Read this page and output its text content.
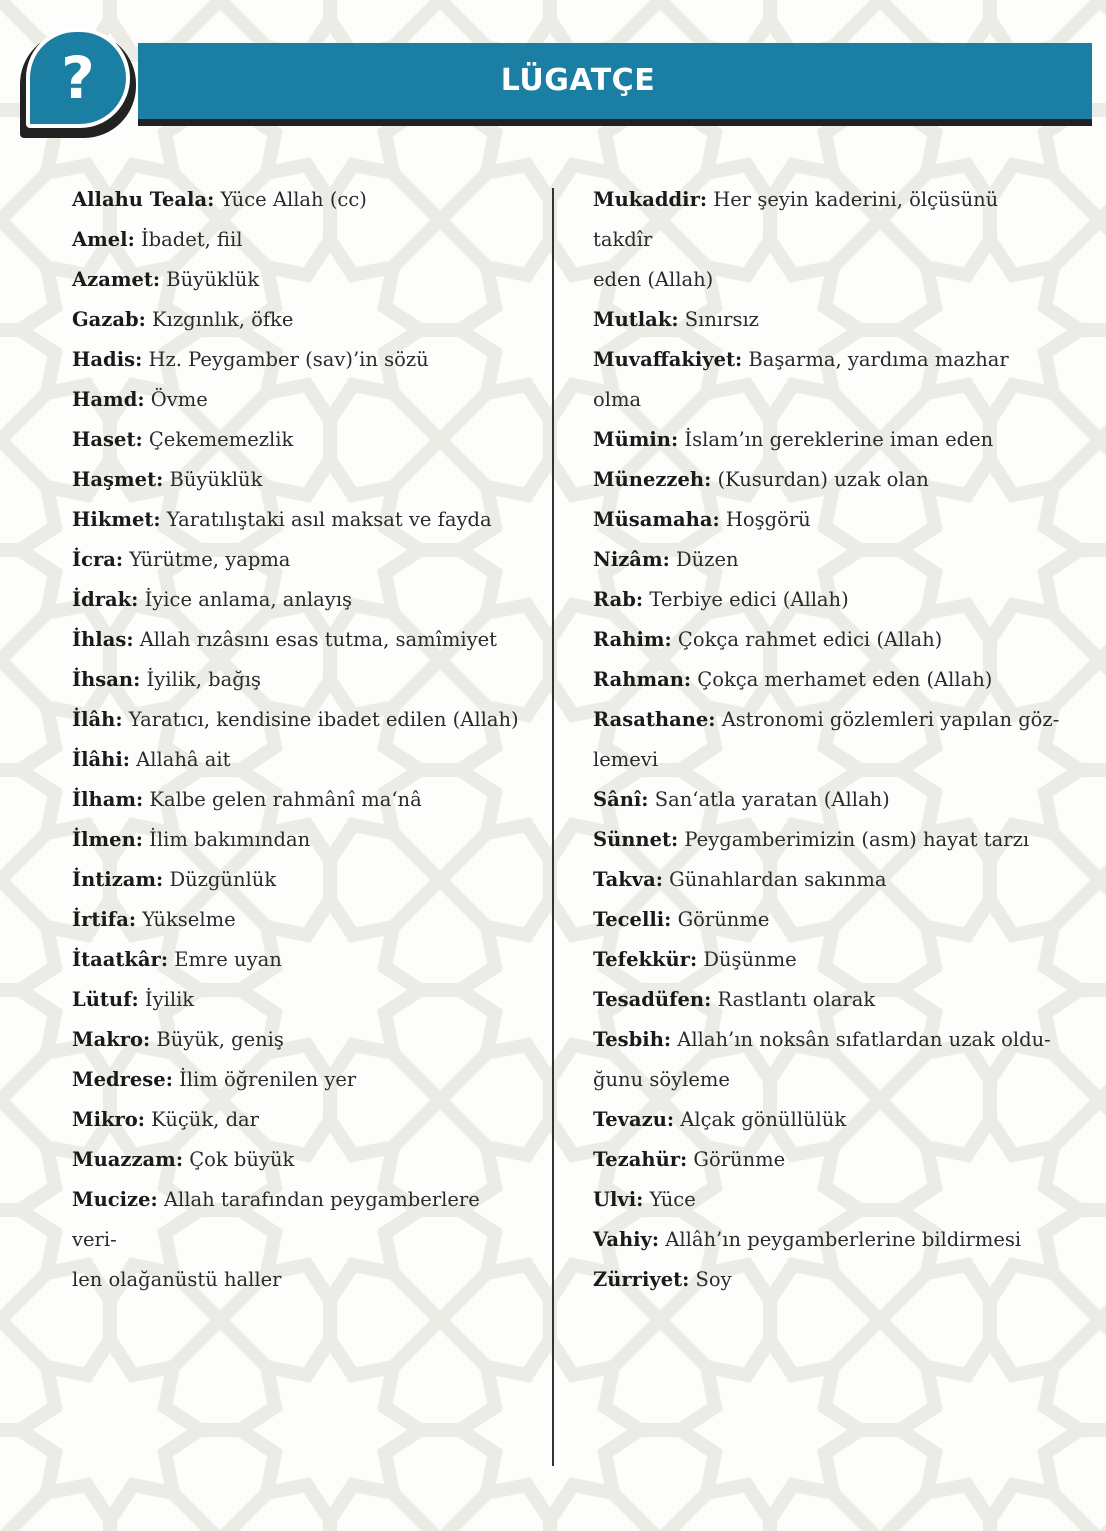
LÜGATÇE
?

Allahu Teala: Yüce Allah (cc)

Amel: İbadet, fiil

Azamet: Büyüklük

Gazab: Kızgınlık, öfke

Hadis: Hz. Peygamber (sav)’in sözü

Hamd: Övme

Haset: Çekememezlik

Haşmet: Büyüklük

Hikmet: Yaratılıştaki asıl maksat ve fayda

İcra: Yürütme, yapma

İdrak: İyice anlama, anlayış

İhlas: Allah rızâsını esas tutma, samîmiyet

İhsan: İyilik, bağış

İlâh: Yaratıcı, kendisine ibadet edilen (Allah)

İlâhi: Allahâ ait

İlham: Kalbe gelen rahmânî ma‘nâ

İlmen: İlim bakımından

İntizam: Düzgünlük

İrtifa: Yükselme

İtaatkâr: Emre uyan

Lütuf: İyilik

Makro: Büyük, geniş

Medrese: İlim öğrenilen yer

Mikro: Küçük, dar

Muazzam: Çok büyük

Mucize: Allah tarafından peygamberlere veri-
len olağanüstü haller

Mukaddir: Her şeyin kaderini, ölçüsünü takdîr
eden (Allah)

Mutlak: Sınırsız

Muvaffakiyet: Başarma, yardıma mazhar olma

Mümin: İslam’ın gereklerine iman eden

Münezzeh: (Kusurdan) uzak olan

Müsamaha: Hoşgörü

Nizâm: Düzen

Rab: Terbiye edici (Allah)

Rahim: Çokça rahmet edici (Allah)

Rahman: Çokça merhamet eden (Allah)

Rasathane: Astronomi gözlemleri yapılan göz-
lemevi

Sânî: San‘atla yaratan (Allah)

Sünnet: Peygamberimizin (asm) hayat tarzı

Takva: Günahlardan sakınma

Tecelli: Görünme

Tefekkür: Düşünme

Tesadüfen: Rastlantı olarak

Tesbih: Allah’ın noksân sıfatlardan uzak oldu-
ğunu söyleme

Tevazu: Alçak gönüllülük

Tezahür: Görünme

Ulvi: Yüce

Vahiy: Allâh’ın peygamberlerine bildirmesi

Zürriyet: Soy
